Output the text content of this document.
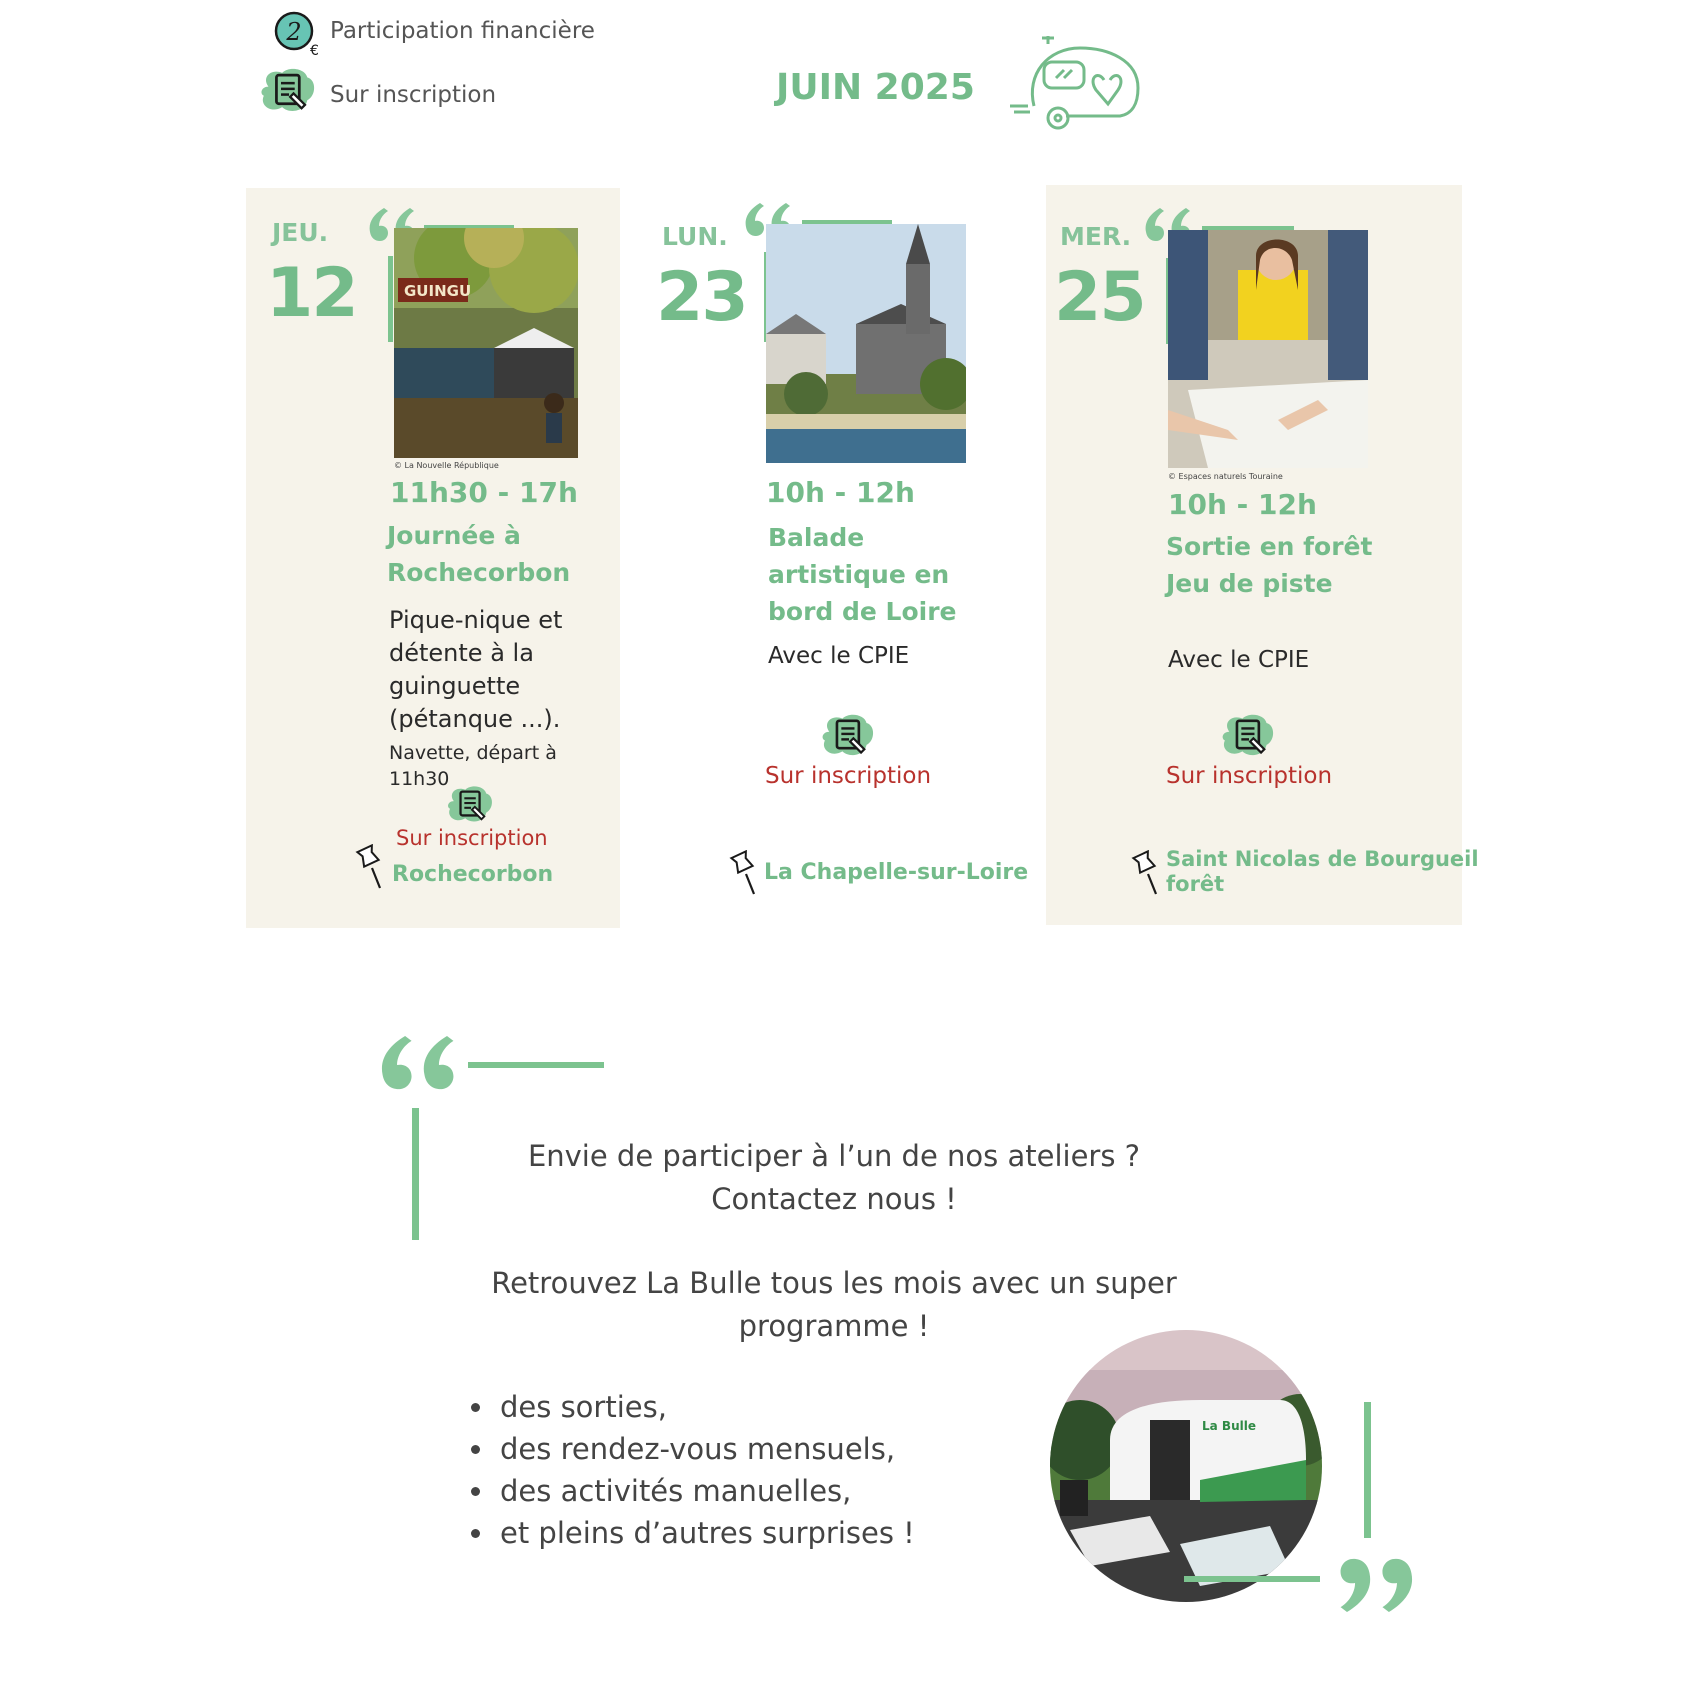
2
€
Participation financière
Sur inscription	JUIN 2025
JEU.
12	GUINGU
© La Nouvelle République
11h30 - 17h
Journée à
Rochecorbon
Pique-nique et
détente à la
guinguette
(pétanque ...).
Navette, départ à
11h30
Sur inscription
Rochecorbon
LUN.
23
10h - 12h
Balade
artistique en
bord de Loire
Avec le CPIE
Sur inscription
La Chapelle-sur-Loire
MER.
25
© Espaces naturels Touraine
10h - 12h
Sortie en forêt
Jeu de piste
Avec le CPIE
Sur inscription
Saint Nicolas de Bourgueil
forêt
Envie de participer à l’un de nos ateliers ?
Contactez nous !
Retrouvez La Bulle tous les mois avec un super
programme !
• des sorties,
• des rendez-vous mensuels,
• des activités manuelles,
• et pleins d’autres surprises !
La Bulle
